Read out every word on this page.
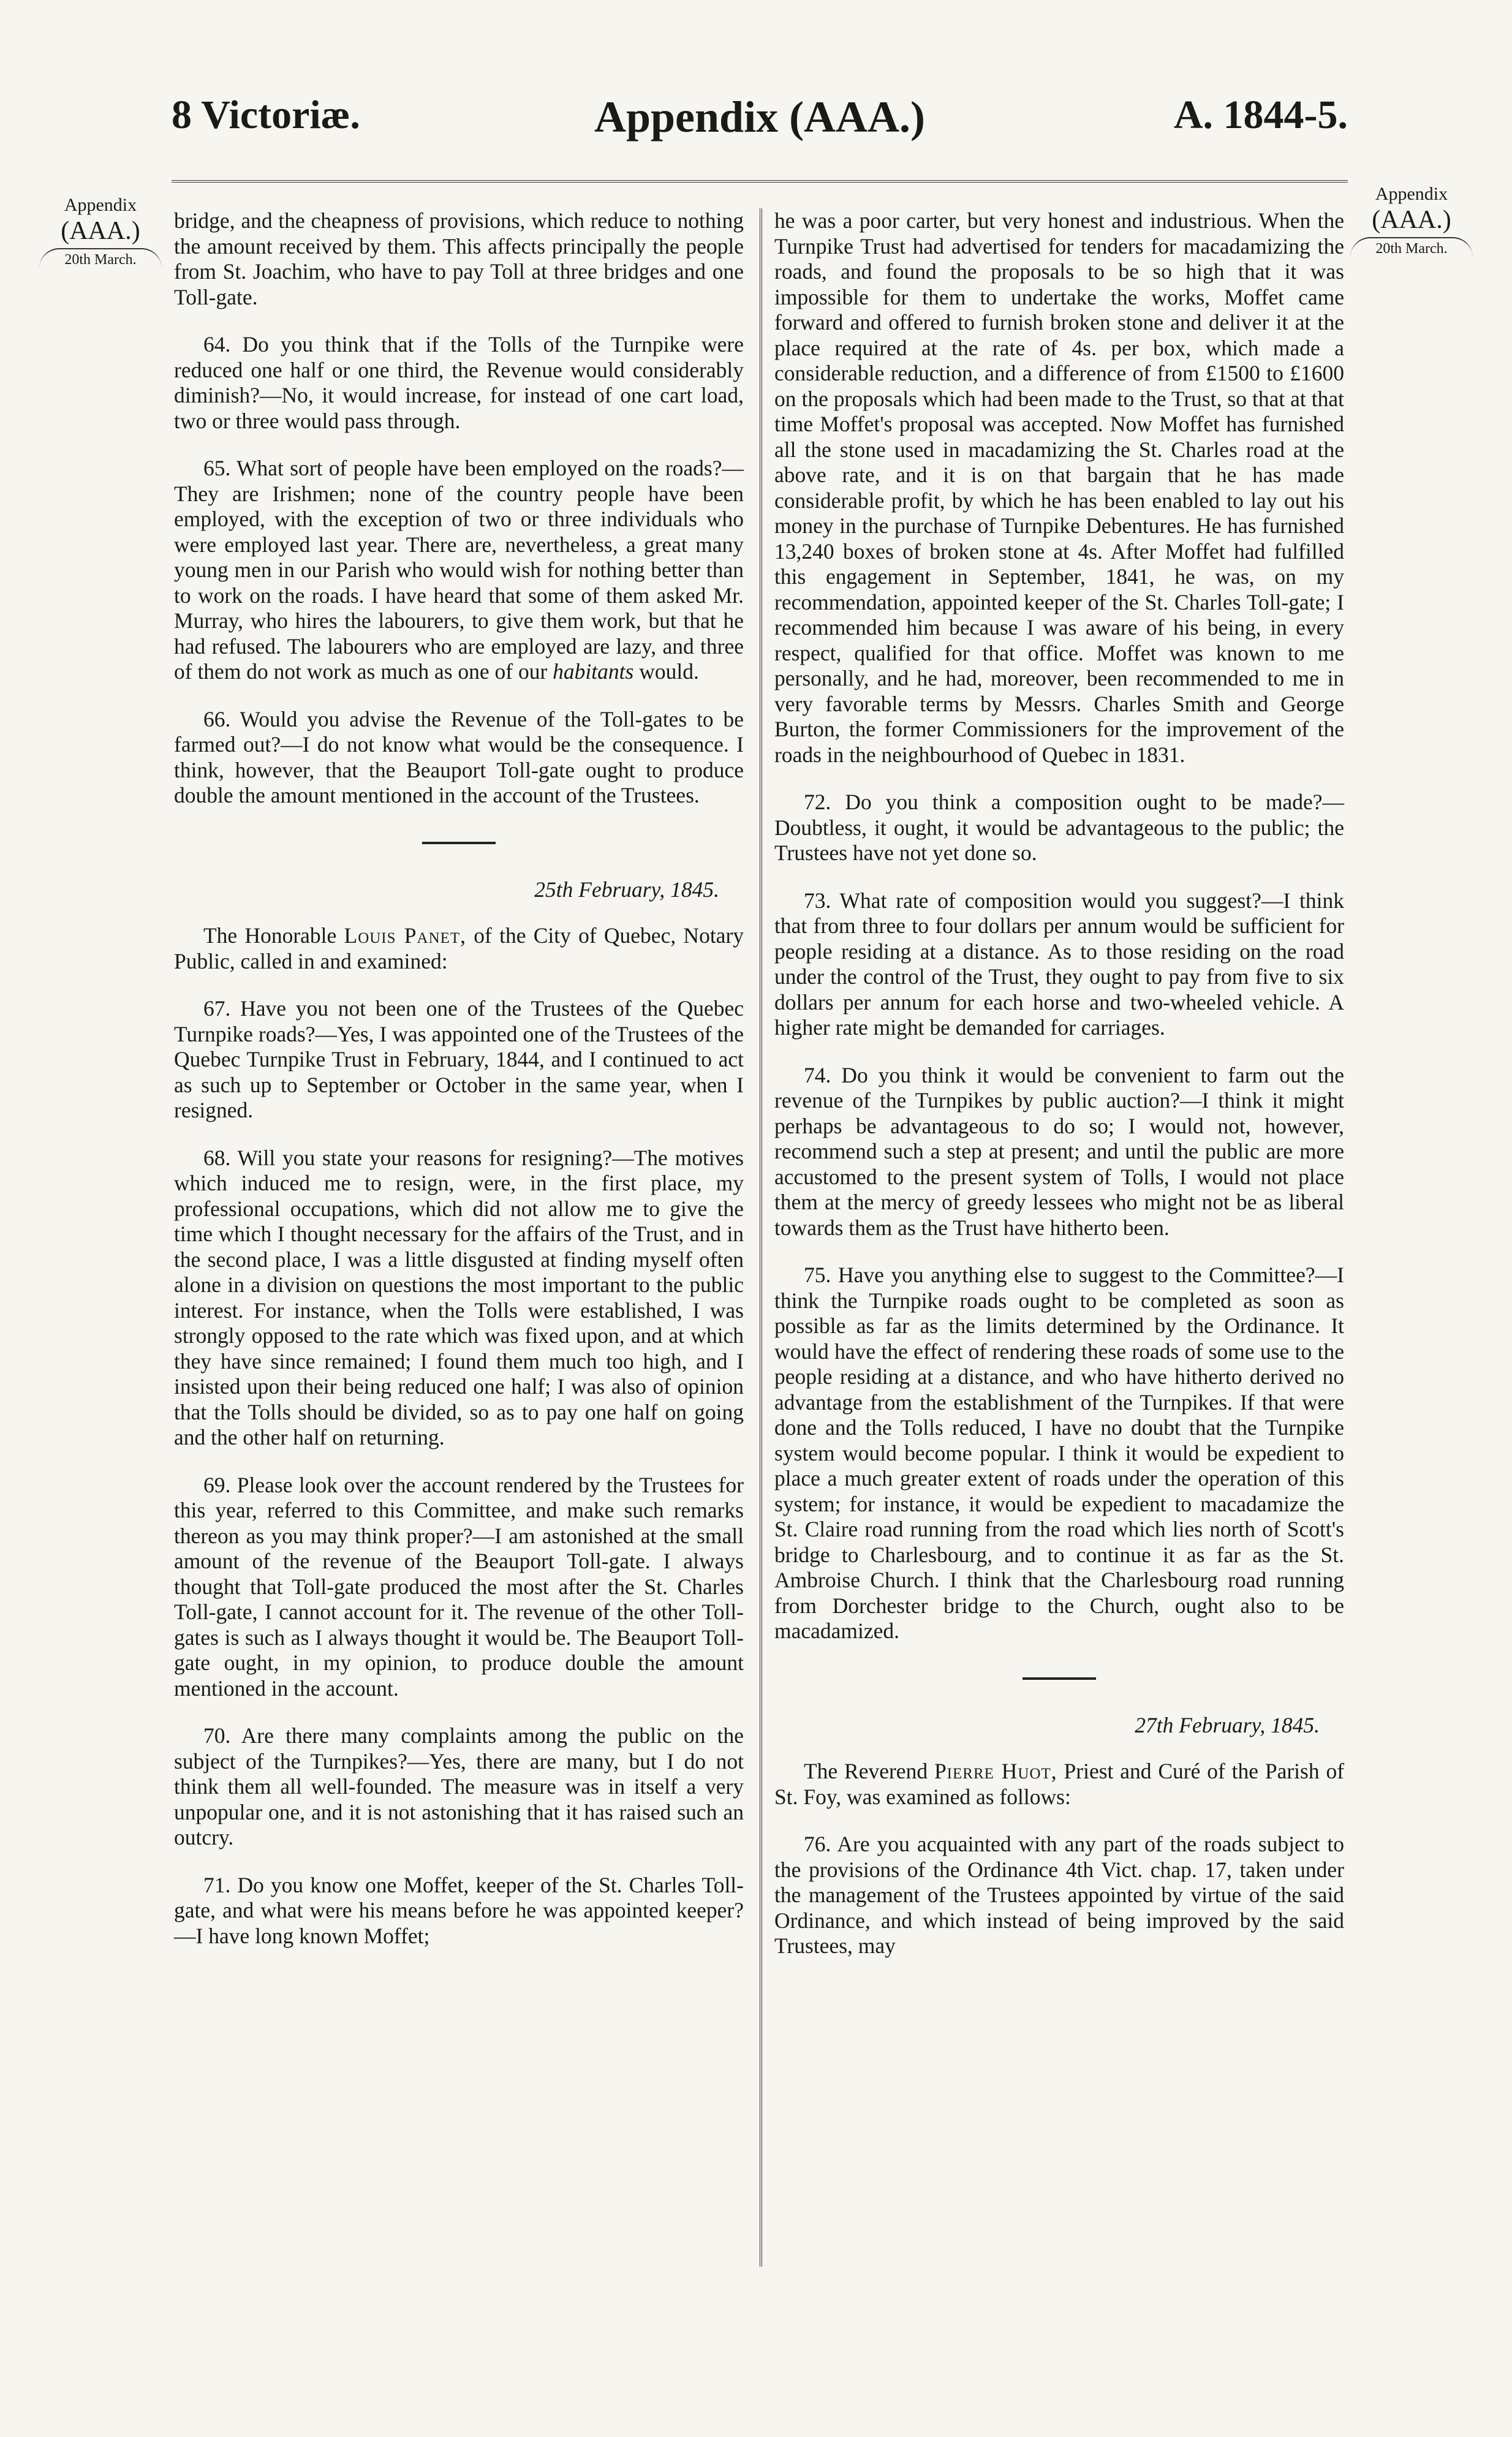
8 Victoriæ.	Appendix (AAA.)	A. 1844-5.
Appendix
(AAA.)
20th March.
Appendix
(AAA.)
20th March.

bridge, and the cheapness of provisions, which reduce to nothing the amount received by them. This affects principally the people from St. Joachim, who have to pay Toll at three bridges and one Toll-gate.

64. Do you think that if the Tolls of the Turnpike were reduced one half or one third, the Revenue would considerably diminish?—No, it would increase, for instead of one cart load, two or three would pass through.

65. What sort of people have been employed on the roads?—They are Irishmen; none of the country people have been employed, with the exception of two or three individuals who were employed last year. There are, nevertheless, a great many young men in our Parish who would wish for nothing better than to work on the roads. I have heard that some of them asked Mr. Murray, who hires the labourers, to give them work, but that he had refused. The labourers who are employed are lazy, and three of them do not work as much as one of our habitants would.

66. Would you advise the Revenue of the Toll-gates to be farmed out?—I do not know what would be the consequence. I think, however, that the Beauport Toll-gate ought to produce double the amount mentioned in the account of the Trustees.

25th February, 1845.

The Honorable Louis Panet, of the City of Quebec, Notary Public, called in and examined:

67. Have you not been one of the Trustees of the Quebec Turnpike roads?—Yes, I was appointed one of the Trustees of the Quebec Turnpike Trust in February, 1844, and I continued to act as such up to September or October in the same year, when I resigned.

68. Will you state your reasons for resigning?—The motives which induced me to resign, were, in the first place, my professional occupations, which did not allow me to give the time which I thought necessary for the affairs of the Trust, and in the second place, I was a little disgusted at finding myself often alone in a division on questions the most important to the public interest. For instance, when the Tolls were established, I was strongly opposed to the rate which was fixed upon, and at which they have since remained; I found them much too high, and I insisted upon their being reduced one half; I was also of opinion that the Tolls should be divided, so as to pay one half on going and the other half on returning.

69. Please look over the account rendered by the Trustees for this year, referred to this Committee, and make such remarks thereon as you may think proper?—I am astonished at the small amount of the revenue of the Beauport Toll-gate. I always thought that Toll-gate produced the most after the St. Charles Toll-gate, I cannot account for it. The revenue of the other Toll-gates is such as I always thought it would be. The Beauport Toll-gate ought, in my opinion, to produce double the amount mentioned in the account.

70. Are there many complaints among the public on the subject of the Turnpikes?—Yes, there are many, but I do not think them all well-founded. The measure was in itself a very unpopular one, and it is not astonishing that it has raised such an outcry.

71. Do you know one Moffet, keeper of the St. Charles Toll-gate, and what were his means before he was appointed keeper?—I have long known Moffet;

he was a poor carter, but very honest and industrious. When the Turnpike Trust had advertised for tenders for macadamizing the roads, and found the proposals to be so high that it was impossible for them to undertake the works, Moffet came forward and offered to furnish broken stone and deliver it at the place required at the rate of 4s. per box, which made a considerable reduction, and a difference of from £1500 to £1600 on the proposals which had been made to the Trust, so that at that time Moffet's proposal was accepted. Now Moffet has furnished all the stone used in macadamizing the St. Charles road at the above rate, and it is on that bargain that he has made considerable profit, by which he has been enabled to lay out his money in the purchase of Turnpike Debentures. He has furnished 13,240 boxes of broken stone at 4s. After Moffet had fulfilled this engagement in September, 1841, he was, on my recommendation, appointed keeper of the St. Charles Toll-gate; I recommended him because I was aware of his being, in every respect, qualified for that office. Moffet was known to me personally, and he had, moreover, been recommended to me in very favorable terms by Messrs. Charles Smith and George Burton, the former Commissioners for the improvement of the roads in the neighbourhood of Quebec in 1831.

72. Do you think a composition ought to be made?—Doubtless, it ought, it would be advantageous to the public; the Trustees have not yet done so.

73. What rate of composition would you suggest?—I think that from three to four dollars per annum would be sufficient for people residing at a distance. As to those residing on the road under the control of the Trust, they ought to pay from five to six dollars per annum for each horse and two-wheeled vehicle. A higher rate might be demanded for carriages.

74. Do you think it would be convenient to farm out the revenue of the Turnpikes by public auction?—I think it might perhaps be advantageous to do so; I would not, however, recommend such a step at present; and until the public are more accustomed to the present system of Tolls, I would not place them at the mercy of greedy lessees who might not be as liberal towards them as the Trust have hitherto been.

75. Have you anything else to suggest to the Committee?—I think the Turnpike roads ought to be completed as soon as possible as far as the limits determined by the Ordinance. It would have the effect of rendering these roads of some use to the people residing at a distance, and who have hitherto derived no advantage from the establishment of the Turnpikes. If that were done and the Tolls reduced, I have no doubt that the Turnpike system would become popular. I think it would be expedient to place a much greater extent of roads under the operation of this system; for instance, it would be expedient to macadamize the St. Claire road running from the road which lies north of Scott's bridge to Charlesbourg, and to continue it as far as the St. Ambroise Church. I think that the Charlesbourg road running from Dorchester bridge to the Church, ought also to be macadamized.

27th February, 1845.

The Reverend Pierre Huot, Priest and Curé of the Parish of St. Foy, was examined as follows:

76. Are you acquainted with any part of the roads subject to the provisions of the Ordinance 4th Vict. chap. 17, taken under the management of the Trustees appointed by virtue of the said Ordinance, and which instead of being improved by the said Trustees, may
